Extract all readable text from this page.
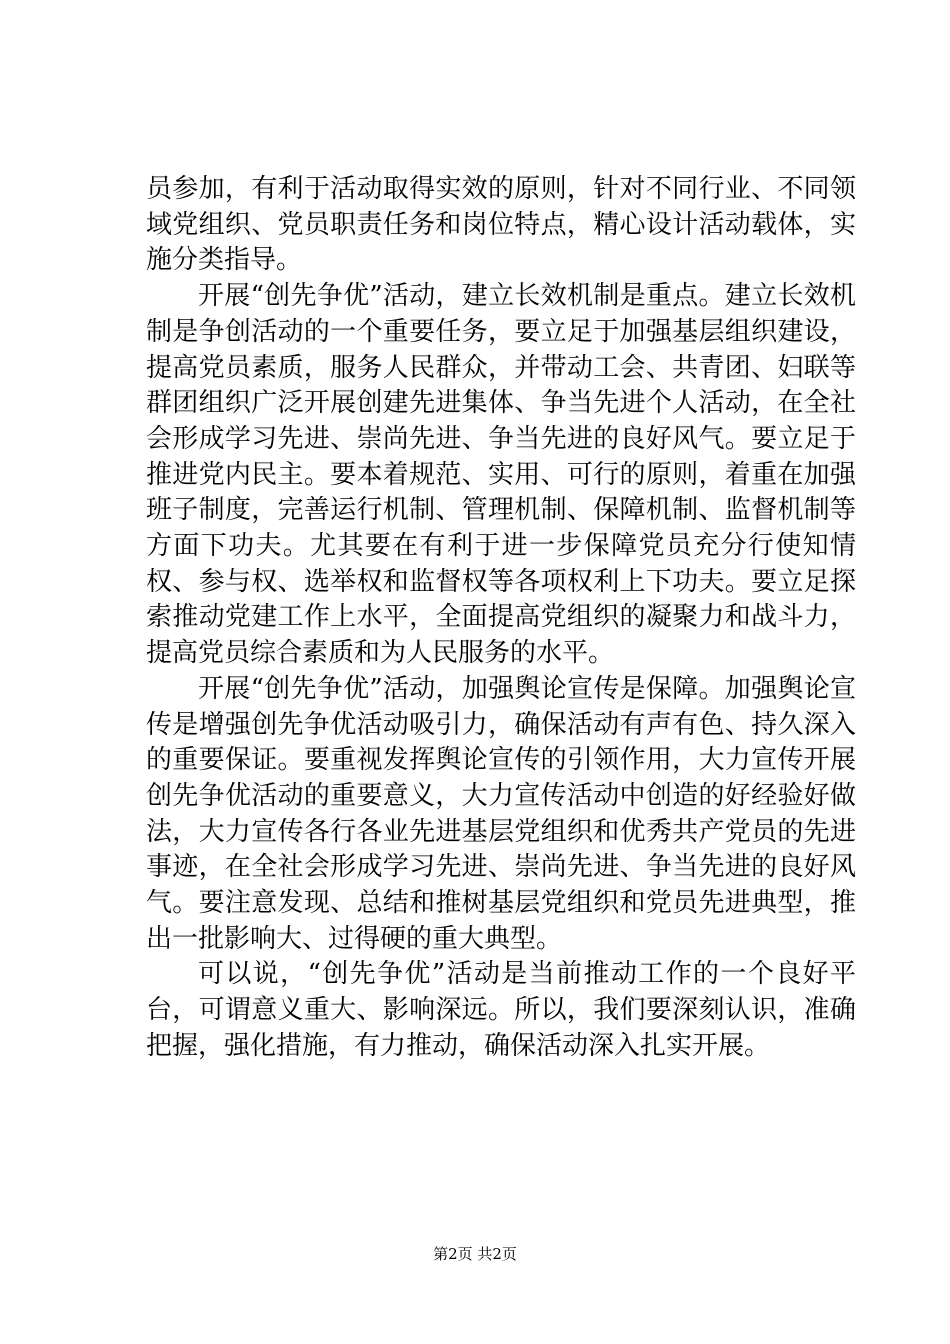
员参加，有利于活动取得实效的原则，针对不同行业、不同领域党组织、党员职责任务和岗位特点，精心设计活动载体，实施分类指导。

开展“创先争优”活动，建立长效机制是重点。建立长效机制是争创活动的一个重要任务，要立足于加强基层组织建设，提高党员素质，服务人民群众，并带动工会、共青团、妇联等群团组织广泛开展创建先进集体、争当先进个人活动，在全社会形成学习先进、崇尚先进、争当先进的良好风气。要立足于推进党内民主。要本着规范、实用、可行的原则，着重在加强班子制度，完善运行机制、管理机制、保障机制、监督机制等方面下功夫。尤其要在有利于进一步保障党员充分行使知情权、参与权、选举权和监督权等各项权利上下功夫。要立足探索推动党建工作上水平，全面提高党组织的凝聚力和战斗力，提高党员综合素质和为人民服务的水平。

开展“创先争优”活动，加强舆论宣传是保障。加强舆论宣传是增强创先争优活动吸引力，确保活动有声有色、持久深入的重要保证。要重视发挥舆论宣传的引领作用，大力宣传开展创先争优活动的重要意义，大力宣传活动中创造的好经验好做法，大力宣传各行各业先进基层党组织和优秀共产党员的先进事迹，在全社会形成学习先进、崇尚先进、争当先进的良好风气。要注意发现、总结和推树基层党组织和党员先进典型，推出一批影响大、过得硬的重大典型。

可以说，“创先争优”活动是当前推动工作的一个良好平台，可谓意义重大、影响深远。所以，我们要深刻认识，准确把握，强化措施，有力推动，确保活动深入扎实开展。

第2页 共2页
